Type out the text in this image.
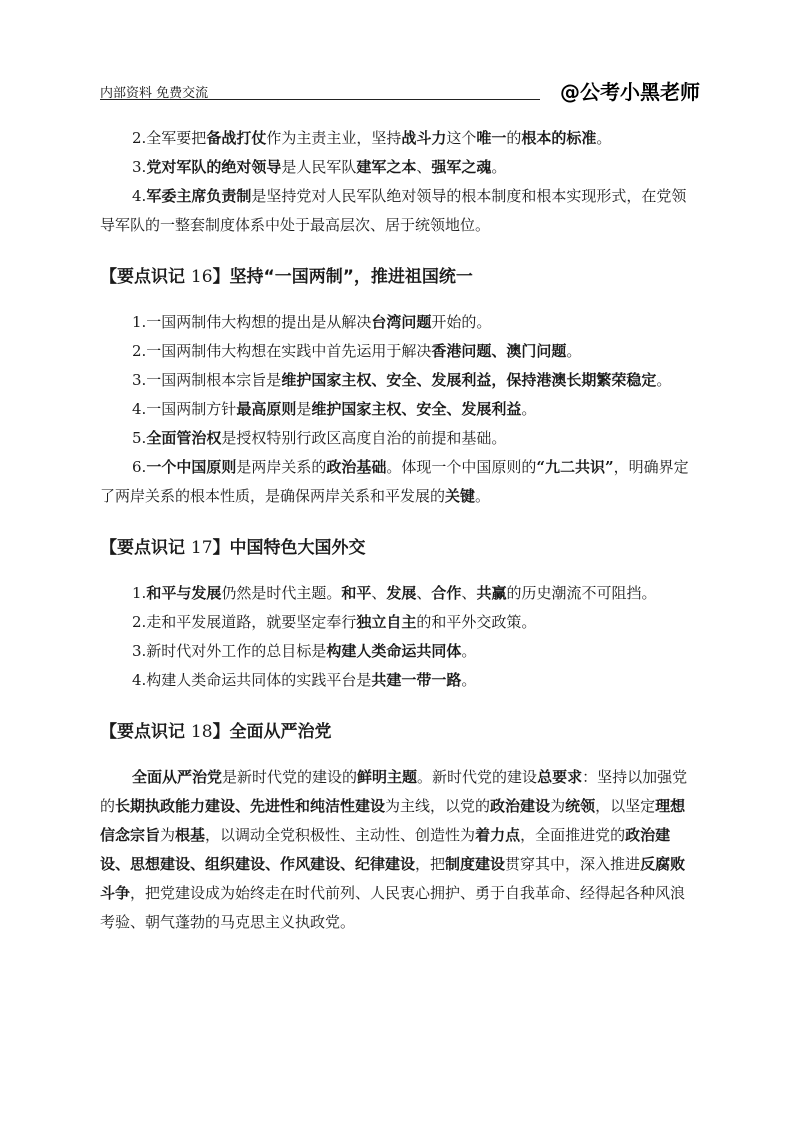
内部资料 免费交流	@公考小黑老师

2.全军要把备战打仗作为主责主业，坚持战斗力这个唯一的根本的标准。

3.党对军队的绝对领导是人民军队建军之本、强军之魂。

4.军委主席负责制是坚持党对人民军队绝对领导的根本制度和根本实现形式，在党领导军队的一整套制度体系中处于最高层次、居于统领地位。

【要点识记 16】坚持“一国两制”，推进祖国统一

1.一国两制伟大构想的提出是从解决台湾问题开始的。

2.一国两制伟大构想在实践中首先运用于解决香港问题、澳门问题。

3.一国两制根本宗旨是维护国家主权、安全、发展利益，保持港澳长期繁荣稳定。

4.一国两制方针最高原则是维护国家主权、安全、发展利益。

5.全面管治权是授权特别行政区高度自治的前提和基础。

6.一个中国原则是两岸关系的政治基础。体现一个中国原则的“九二共识”，明确界定了两岸关系的根本性质，是确保两岸关系和平发展的关键。

【要点识记 17】中国特色大国外交

1.和平与发展仍然是时代主题。和平、发展、合作、共赢的历史潮流不可阻挡。

2.走和平发展道路，就要坚定奉行独立自主的和平外交政策。

3.新时代对外工作的总目标是构建人类命运共同体。

4.构建人类命运共同体的实践平台是共建一带一路。

【要点识记 18】全面从严治党

全面从严治党是新时代党的建设的鲜明主题。新时代党的建设总要求：坚持以加强党的长期执政能力建设、先进性和纯洁性建设为主线，以党的政治建设为统领，以坚定理想信念宗旨为根基，以调动全党积极性、主动性、创造性为着力点，全面推进党的政治建设、思想建设、组织建设、作风建设、纪律建设，把制度建设贯穿其中，深入推进反腐败斗争，把党建设成为始终走在时代前列、人民衷心拥护、勇于自我革命、经得起各种风浪考验、朝气蓬勃的马克思主义执政党。
